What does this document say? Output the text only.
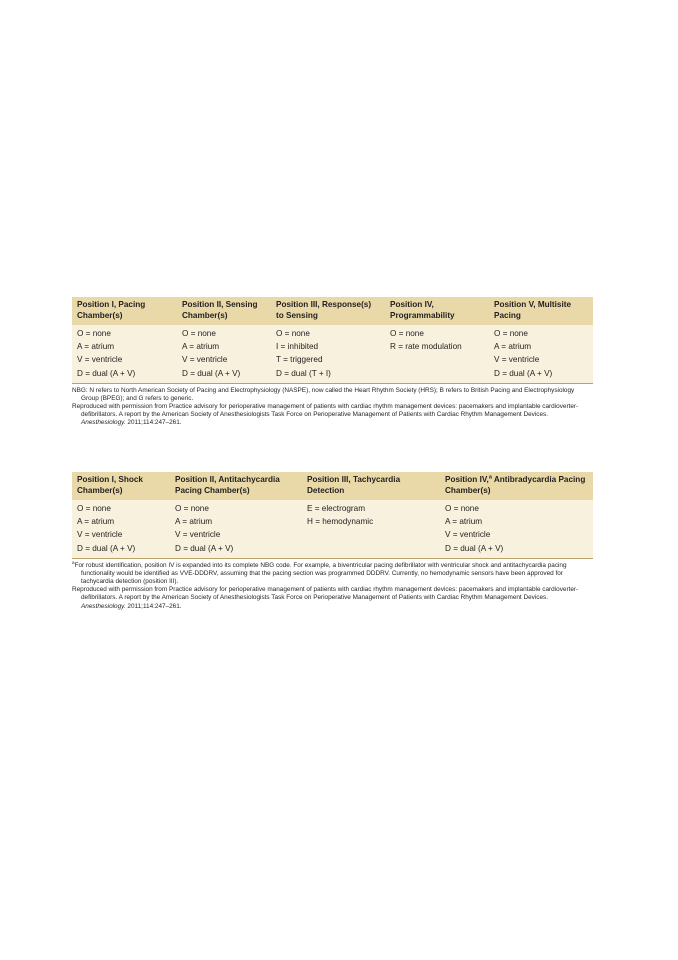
Position I, Pacing Chamber(s)	Position II, Sensing Chamber(s)	Position III, Response(s) to Sensing	Position IV, Programmability	Position V, Multisite Pacing
O = none	O = none	O = none	O = none	O = none
A = atrium	A = atrium	I = inhibited	R = rate modulation	A = atrium
V = ventricle	V = ventricle	T = triggered		V = ventricle
D = dual (A + V)	D = dual (A + V)	D = dual (T + I)		D = dual (A + V)

NBG: N refers to North American Society of Pacing and Electrophysiology (NASPE), now called the Heart Rhythm Society (HRS); B refers to British Pacing and Electrophysiology Group (BPEG); and G refers to generic.

Reproduced with permission from Practice advisory for perioperative management of patients with cardiac rhythm management devices: pacemakers and implantable cardioverter-defibrillators. A report by the American Society of Anesthesiologists Task Force on Perioperative Management of Patients with Cardiac Rhythm Management Devices. Anesthesiology. 2011;114:247–261.

Position I, Shock Chamber(s)	Position II, Antitachycardia Pacing Chamber(s)	Position III, Tachycardia Detection	Position IV,$^a$ Antibradycardia Pacing Chamber(s)
O = none	O = none	E = electrogram	O = none
A = atrium	A = atrium	H = hemodynamic	A = atrium
V = ventricle	V = ventricle		V = ventricle
D = dual (A + V)	D = dual (A + V)		D = dual (A + V)

$^a$For robust identification, position IV is expanded into its complete NBG code. For example, a biventricular pacing defibrillator with ventricular shock and antitachycardia pacing functionality would be identified as VVE-DDDRV, assuming that the pacing section was programmed DDDRV. Currently, no hemodynamic sensors have been approved for tachycardia detection (position III).

Reproduced with permission from Practice advisory for perioperative management of patients with cardiac rhythm management devices: pacemakers and implantable cardioverter-defibrillators. A report by the American Society of Anesthesiologists Task Force on Perioperative Management of Patients with Cardiac Rhythm Management Devices. Anesthesiology. 2011;114:247–261.
